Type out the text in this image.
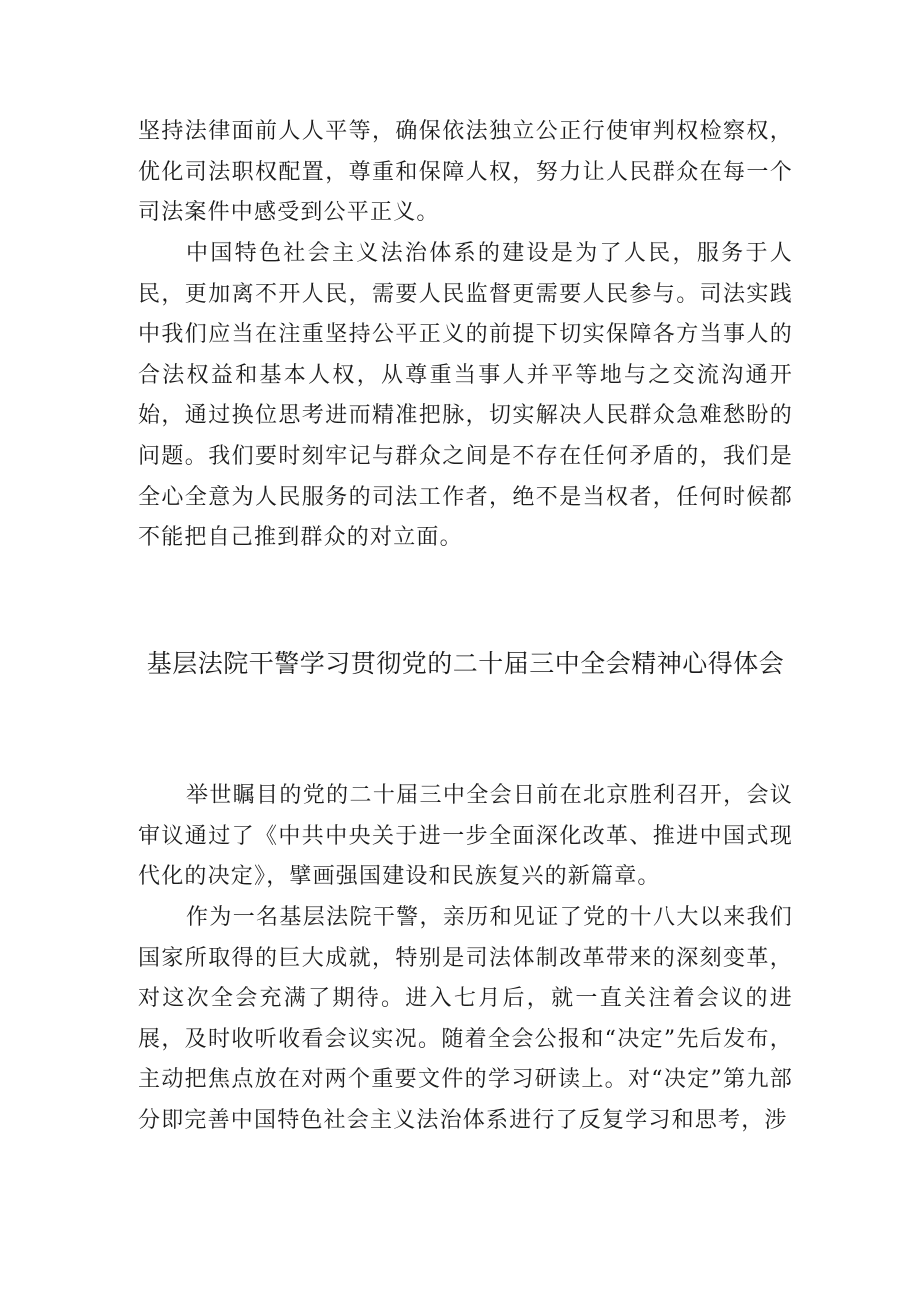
坚持法律面前人人平等，确保依法独立公正行使审判权检察权，优化司法职权配置，尊重和保障人权，努力让人民群众在每一个司法案件中感受到公平正义。

中国特色社会主义法治体系的建设是为了人民，服务于人民，更加离不开人民，需要人民监督更需要人民参与。司法实践中我们应当在注重坚持公平正义的前提下切实保障各方当事人的合法权益和基本人权，从尊重当事人并平等地与之交流沟通开始，通过换位思考进而精准把脉，切实解决人民群众急难愁盼的问题。我们要时刻牢记与群众之间是不存在任何矛盾的，我们是全心全意为人民服务的司法工作者，绝不是当权者，任何时候都不能把自己推到群众的对立面。

基层法院干警学习贯彻党的二十届三中全会精神心得体会

举世瞩目的党的二十届三中全会日前在北京胜利召开，会议审议通过了《中共中央关于进一步全面深化改革、推进中国式现代化的决定》，擘画强国建设和民族复兴的新篇章。

作为一名基层法院干警，亲历和见证了党的十八大以来我们国家所取得的巨大成就，特别是司法体制改革带来的深刻变革，对这次全会充满了期待。进入七月后，就一直关注着会议的进展，及时收听收看会议实况。随着全会公报和“决定”先后发布，主动把焦点放在对两个重要文件的学习研读上。对“决定”第九部分即完善中国特色社会主义法治体系进行了反复学习和思考，涉
